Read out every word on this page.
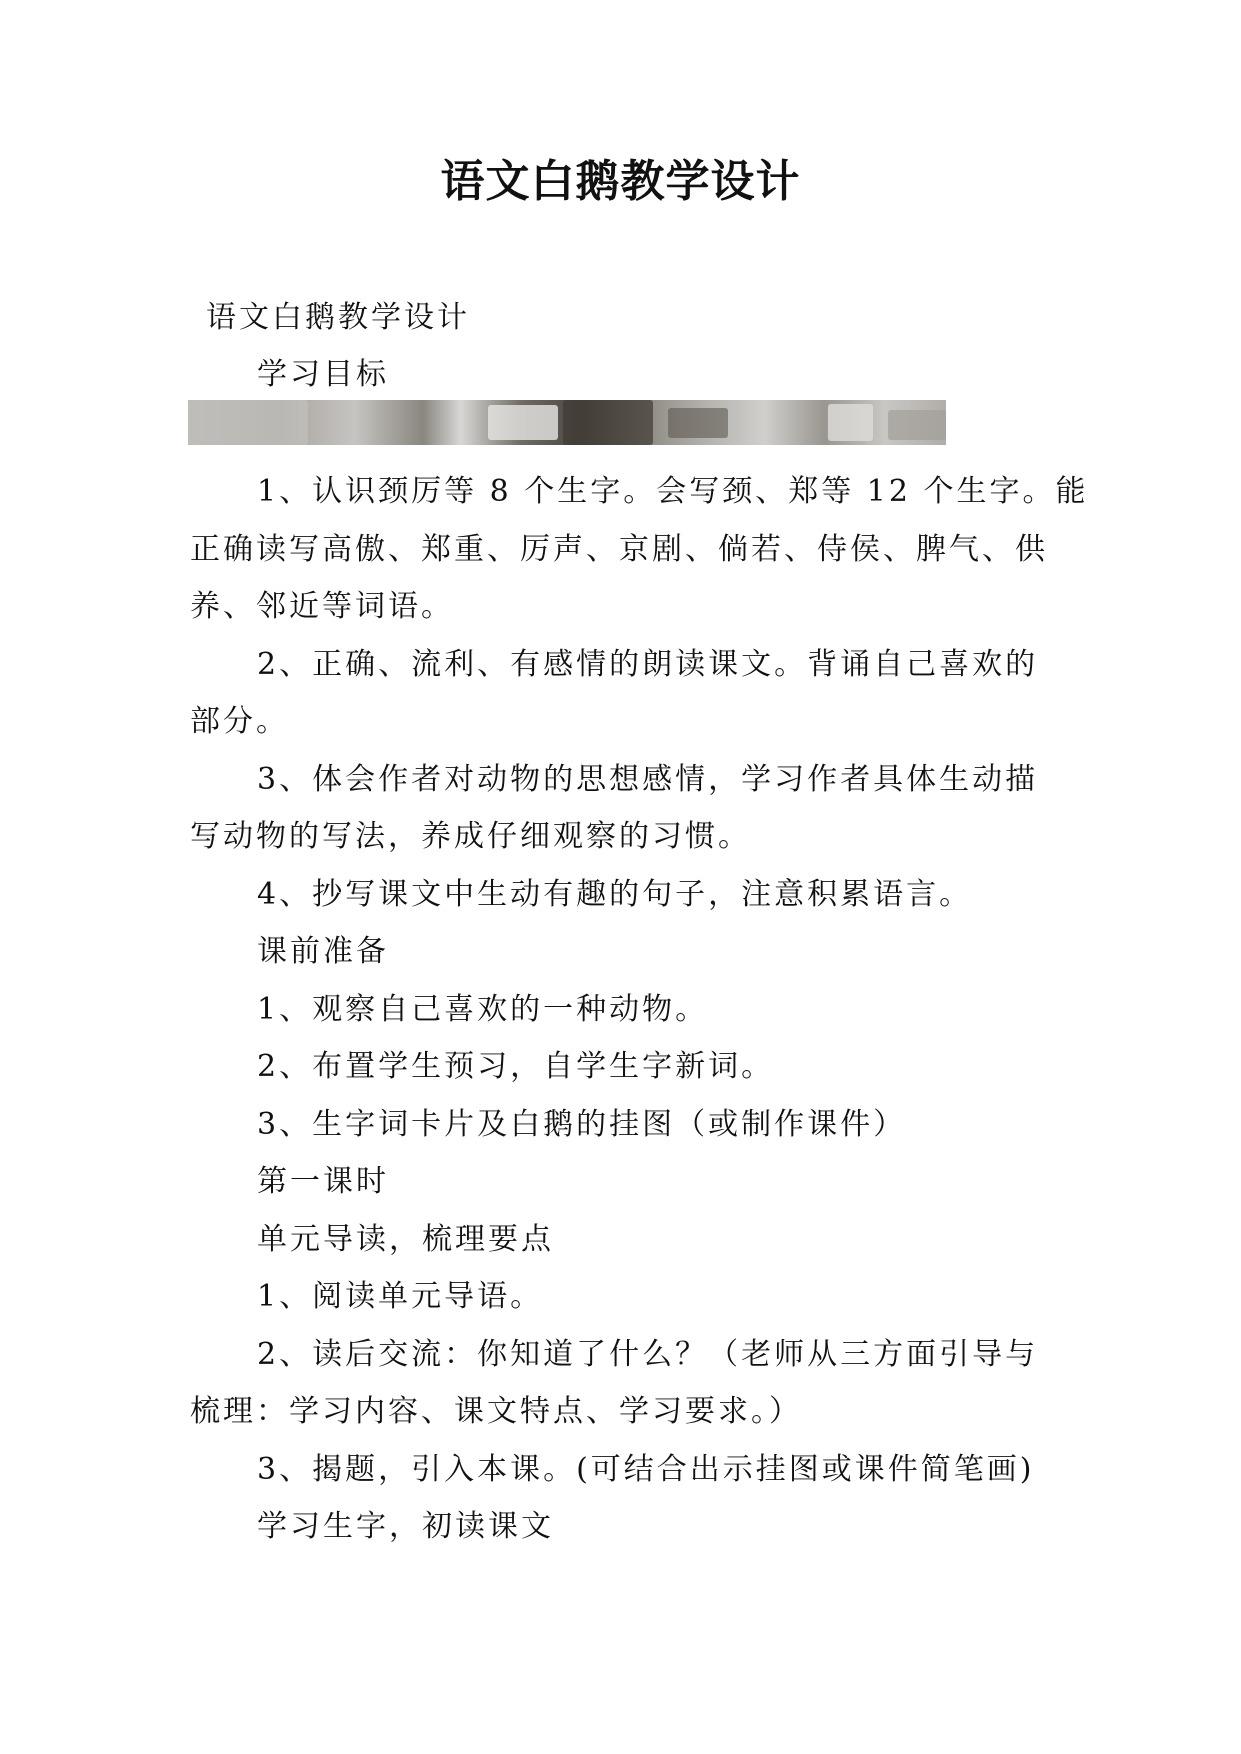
语文白鹅教学设计
语文白鹅教学设计
学习目标
1、认识颈厉等 8 个生字。会写颈、郑等 12 个生字。能
正确读写高傲、郑重、厉声、京剧、倘若、侍侯、脾气、供
养、邻近等词语。
2、正确、流利、有感情的朗读课文。背诵自己喜欢的
部分。
3、体会作者对动物的思想感情，学习作者具体生动描
写动物的写法，养成仔细观察的习惯。
4、抄写课文中生动有趣的句子，注意积累语言。
课前准备
1、观察自己喜欢的一种动物。
2、布置学生预习，自学生字新词。
3、生字词卡片及白鹅的挂图（或制作课件）
第一课时
单元导读，梳理要点
1、阅读单元导语。
2、读后交流：你知道了什么？（老师从三方面引导与
梳理：学习内容、课文特点、学习要求。）
3、揭题，引入本课。(可结合出示挂图或课件简笔画)
学习生字，初读课文
